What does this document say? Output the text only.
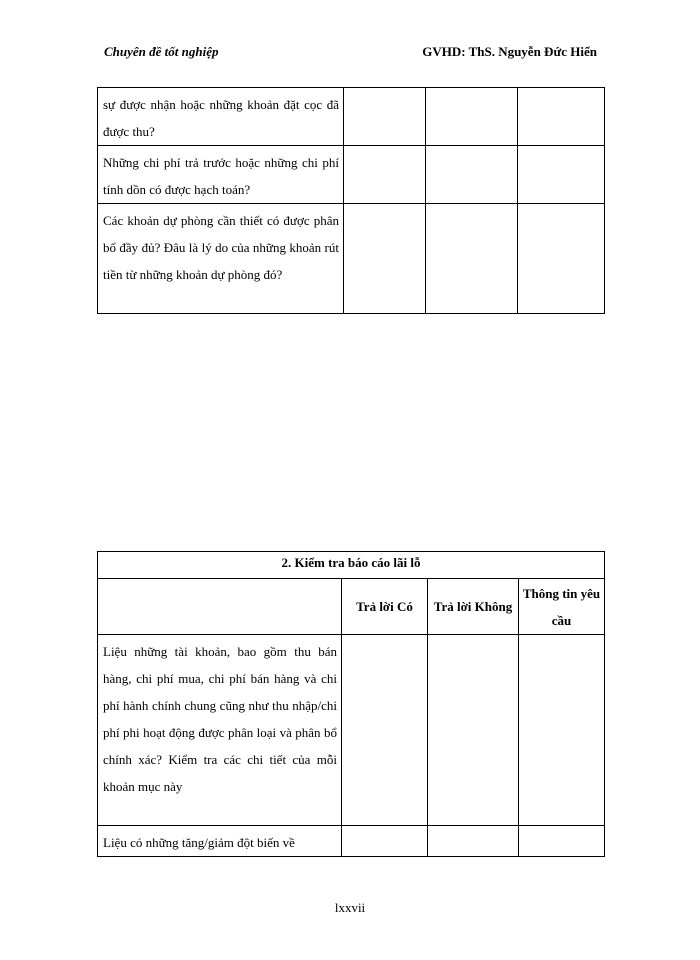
Chuyên đề tốt nghiệp	GVHD: ThS. Nguyễn Đức Hiển
sự được nhận hoặc những khoản đặt cọc đã được thu?			
Những chi phí trả trước hoặc những chi phí tính dồn có được hạch toán?			
Các khoản dự phòng cần thiết có được phân bổ đầy đủ? Đâu là lý do của những khoản rút tiền từ những khoản dự phòng đó?			
2. Kiểm tra báo cáo lãi lỗ			
	Trả lời Có	Trả lời Không	Thông tin yêu cầu
Liệu những tài khoản, bao gồm thu bán hàng, chi phí mua, chi phí bán hàng và chi phí hành chính chung cũng như thu nhập/chi phí phi hoạt động được phân loại và phân bổ chính xác? Kiểm tra các chi tiết của mỗi khoản mục này			
Liệu có những tăng/giảm đột biến về			
lxxvii
